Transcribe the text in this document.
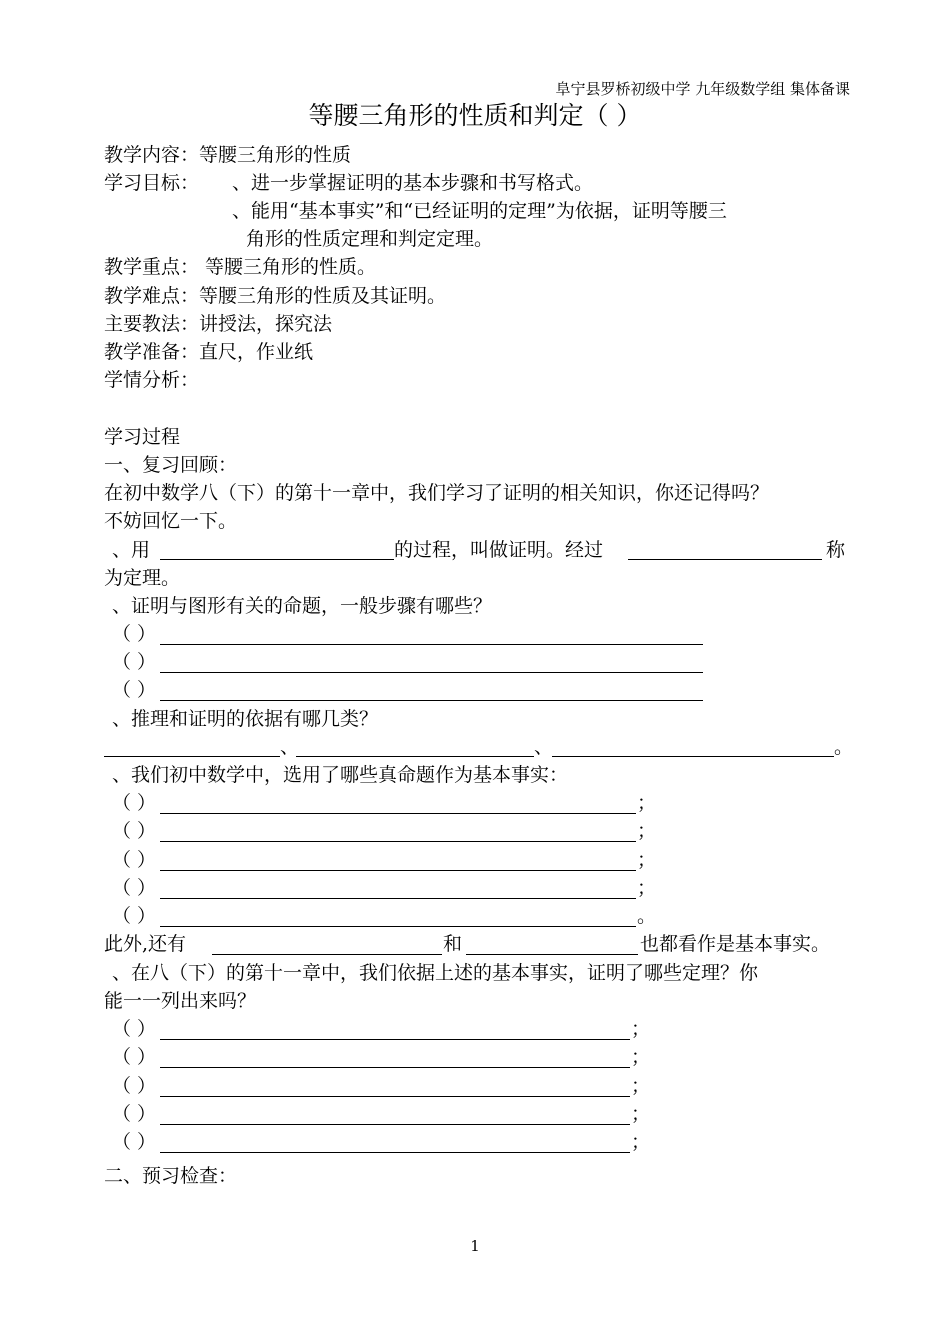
阜宁县罗桥初级中学 九年级数学组 集体备课
等腰三角形的性质和判定（ ）
教学内容：等腰三角形的性质
学习目标： 、进一步掌握证明的基本步骤和书写格式。
、能用“基本事实”和“已经证明的定理”为依据，证明等腰三
角形的性质定理和判定定理。
教学重点： 等腰三角形的性质。
教学难点：等腰三角形的性质及其证明。
主要教法：讲授法，探究法
教学准备：直尺，作业纸
学情分析：
学习过程
一、复习回顾：
在初中数学八（下）的第十一章中，我们学习了证明的相关知识，你还记得吗？
不妨回忆一下。
、用	的过程，叫做证明。经过	称
为定理。
、证明与图形有关的命题，一般步骤有哪些？
（ ）
（ ）
（ ）
、推理和证明的依据有哪几类？
、	、	。
、我们初中数学中，选用了哪些真命题作为基本事实：
（ ）	；
（ ）	；
（ ）	；
（ ）	；
（ ）	。
此外,还有	和	也都看作是基本事实。
、在八（下）的第十一章中，我们依据上述的基本事实，证明了哪些定理？你
能一一列出来吗？
（ ）	；
（ ）	；
（ ）	；
（ ）	；
（ ）	；
二、预习检查：
1
